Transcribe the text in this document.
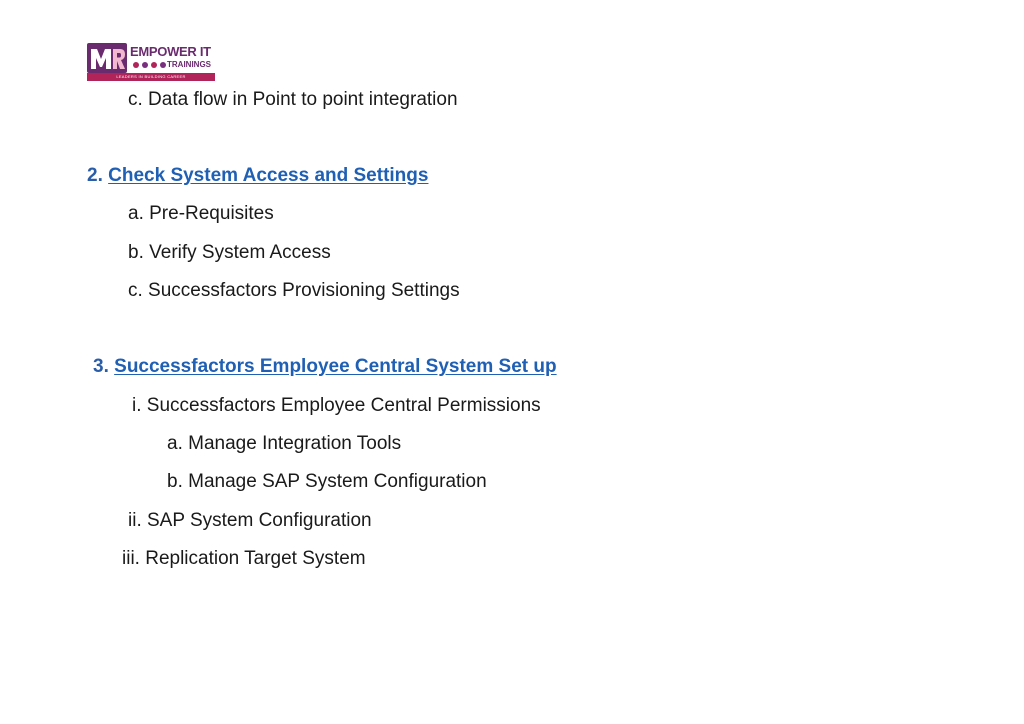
EMPOWER IT
TRAININGS
LEADERS IN BUILDING CAREER
c. Data flow in Point to point integration
2. Check System Access and Settings
a. Pre-Requisites
b. Verify System Access
c. Successfactors Provisioning Settings
3. Successfactors Employee Central System Set up
i. Successfactors Employee Central Permissions
a. Manage Integration Tools
b. Manage SAP System Configuration
ii. SAP System Configuration
iii. Replication Target System
